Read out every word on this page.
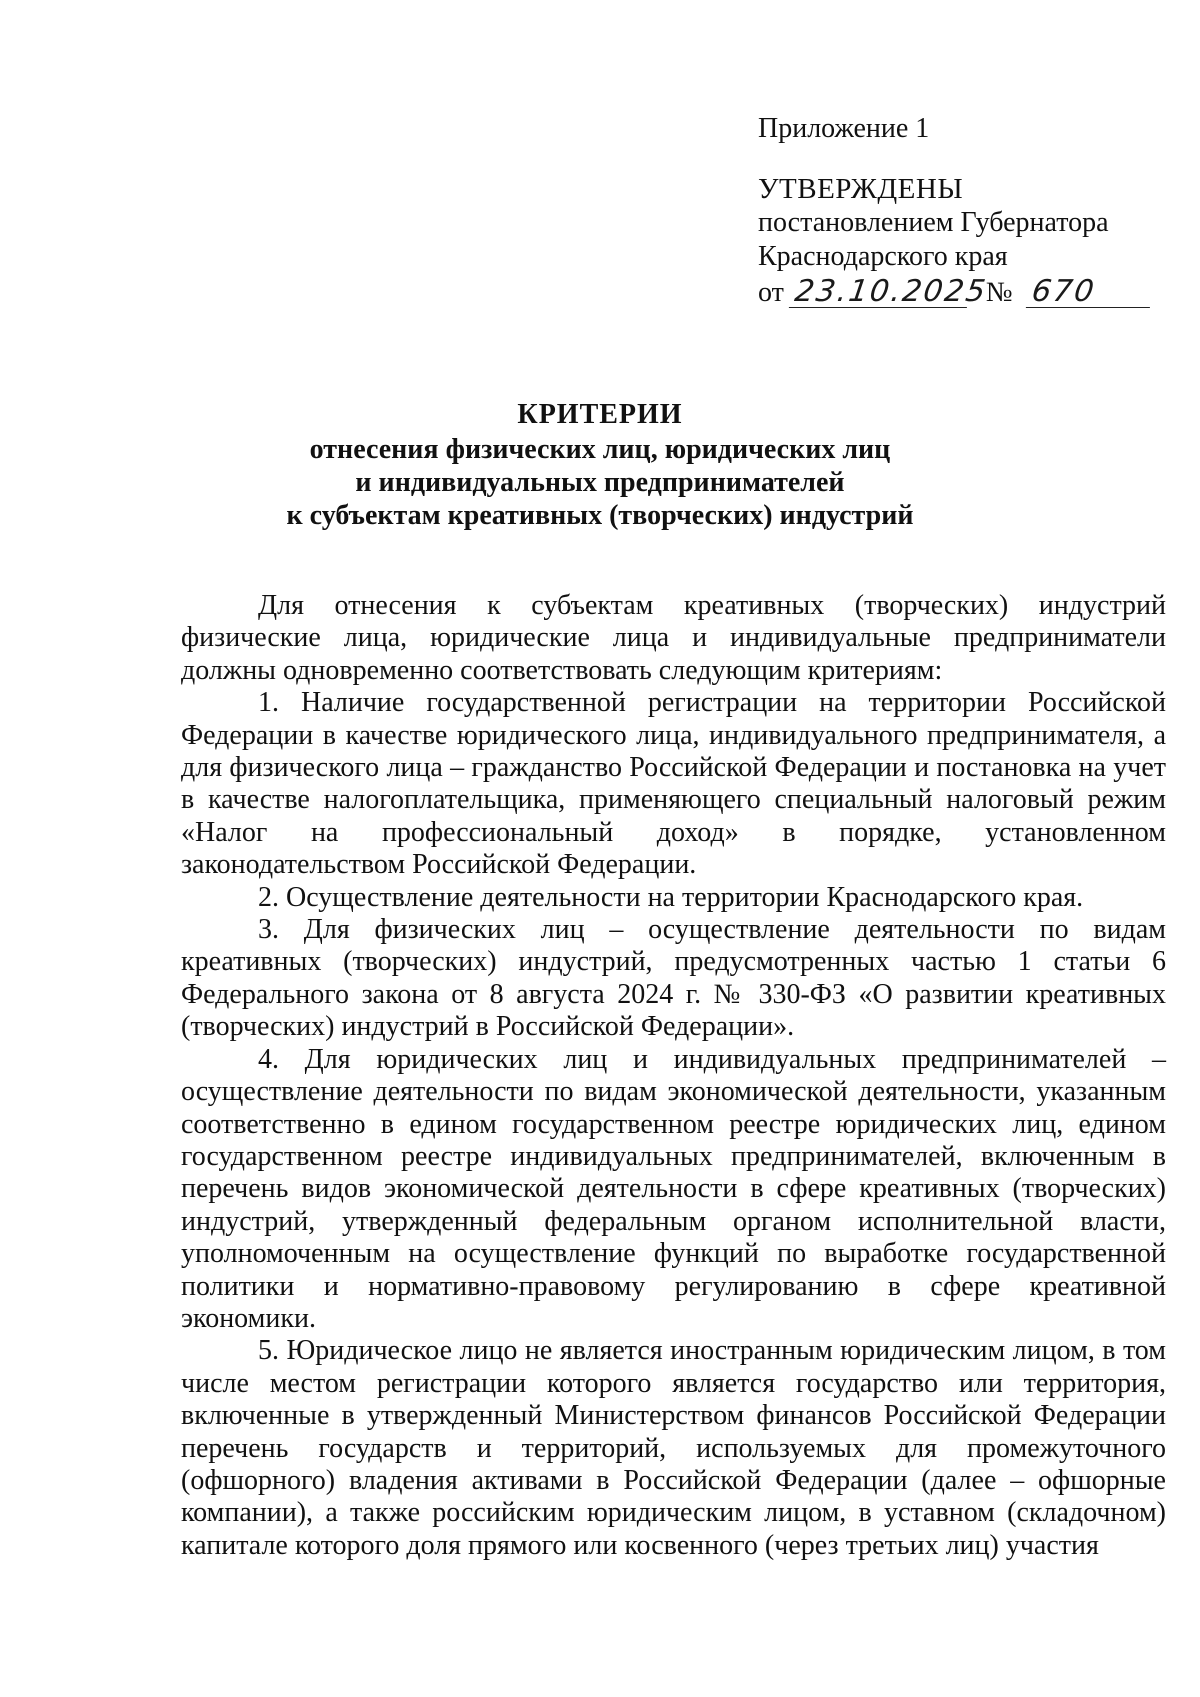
Приложение 1
УТВЕРЖДЕНЫ
постановлением Губернатора
Краснодарского края
от 23.10.2025 № 670
КРИТЕРИИ
отнесения физических лиц, юридических лиц
и индивидуальных предпринимателей
к субъектам креативных (творческих) индустрий

Для отнесения к субъектам креативных (творческих) индустрий физические лица, юридические лица и индивидуальные предприниматели должны одновременно соответствовать следующим критериям:

1. Наличие государственной регистрации на территории Российской Федерации в качестве юридического лица, индивидуального предпринимателя, а для физического лица – гражданство Российской Федерации и постановка на учет в качестве налогоплательщика, применяющего специальный налоговый режим «Налог на профессиональный доход» в порядке, установленном законодательством Российской Федерации.

2. Осуществление деятельности на территории Краснодарского края.

3. Для физических лиц – осуществление деятельности по видам креативных (творческих) индустрий, предусмотренных частью 1 статьи 6 Федерального закона от 8 августа 2024 г. № 330-ФЗ «О развитии креативных (творческих) индустрий в Российской Федерации».

4. Для юридических лиц и индивидуальных предпринимателей – осуществление деятельности по видам экономической деятельности, указанным соответственно в едином государственном реестре юридических лиц, едином государственном реестре индивидуальных предпринимателей, включенным в перечень видов экономической деятельности в сфере креативных (творческих) индустрий, утвержденный федеральным органом исполнительной власти, уполномоченным на осуществление функций по выработке государственной политики и нормативно-правовому регулированию в сфере креативной экономики.

5. Юридическое лицо не является иностранным юридическим лицом, в том числе местом регистрации которого является государство или территория, включенные в утвержденный Министерством финансов Российской Федерации перечень государств и территорий, используемых для промежуточного (офшорного) владения активами в Российской Федерации (далее – офшорные компании), а также российским юридическим лицом, в уставном (складочном) капитале которого доля прямого или косвенного (через третьих лиц) участия
